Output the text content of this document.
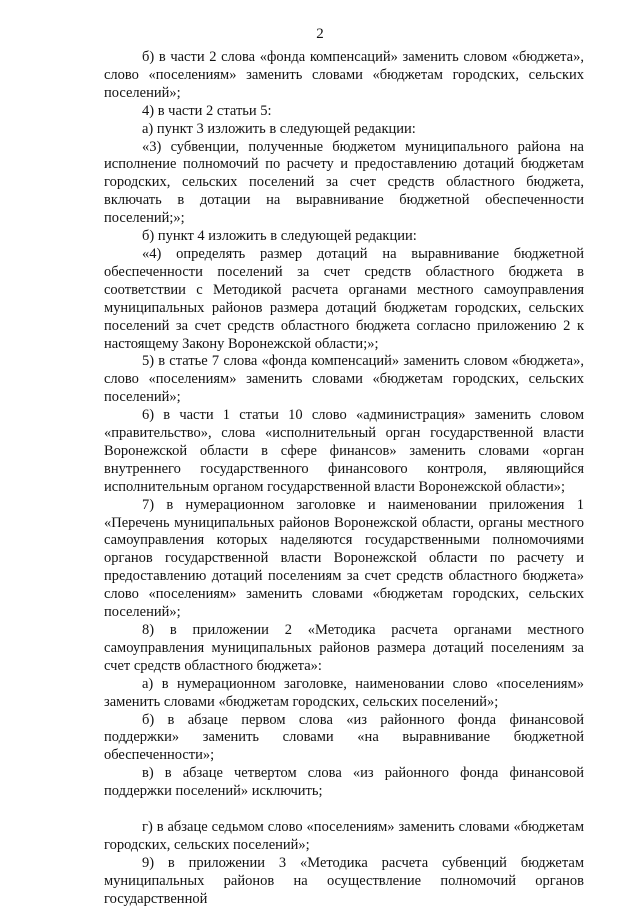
2

б) в части 2 слова «фонда компенсаций» заменить словом «бюджета», слово «поселениям» заменить словами «бюджетам городских, сельских поселений»;

4) в части 2 статьи 5:

а) пункт 3 изложить в следующей редакции:

«3) субвенции, полученные бюджетом муниципального района на исполнение полномочий по расчету и предоставлению дотаций бюджетам городских, сельских поселений за счет средств областного бюджета, включать в дотации на выравнивание бюджетной обеспеченности поселений;»;

б) пункт 4 изложить в следующей редакции:

«4) определять размер дотаций на выравнивание бюджетной обеспеченности поселений за счет средств областного бюджета в соответствии с Методикой расчета органами местного самоуправления муниципальных районов размера дотаций бюджетам городских, сельских поселений за счет средств областного бюджета согласно приложению 2 к настоящему Закону Воронежской области;»;

5) в статье 7 слова «фонда компенсаций» заменить словом «бюджета», слово «поселениям» заменить словами «бюджетам городских, сельских поселений»;

6) в части 1 статьи 10 слово «администрация» заменить словом «правительство», слова «исполнительный орган государственной власти Воронежской области в сфере финансов» заменить словами «орган внутреннего государственного финансового контроля, являющийся исполнительным органом государственной власти Воронежской области»;

7) в нумерационном заголовке и наименовании приложения 1 «Перечень муниципальных районов Воронежской области, органы местного самоуправления которых наделяются государственными полномочиями органов государственной власти Воронежской области по расчету и предоставлению дотаций поселениям за счет средств областного бюджета» слово «поселениям» заменить словами «бюджетам городских, сельских поселений»;

8) в приложении 2 «Методика расчета органами местного самоуправления муниципальных районов размера дотаций поселениям за счет средств областного бюджета»:

а) в нумерационном заголовке, наименовании слово «поселениям» заменить словами «бюджетам городских, сельских поселений»;

б) в абзаце первом слова «из районного фонда финансовой поддержки» заменить словами «на выравнивание бюджетной обеспеченности»;

в) в абзаце четвертом слова «из районного фонда финансовой поддержки поселений» исключить;

г) в абзаце седьмом слово «поселениям» заменить словами «бюджетам городских, сельских поселений»;

9) в приложении 3 «Методика расчета субвенций бюджетам муниципальных районов на осуществление полномочий органов государственной
